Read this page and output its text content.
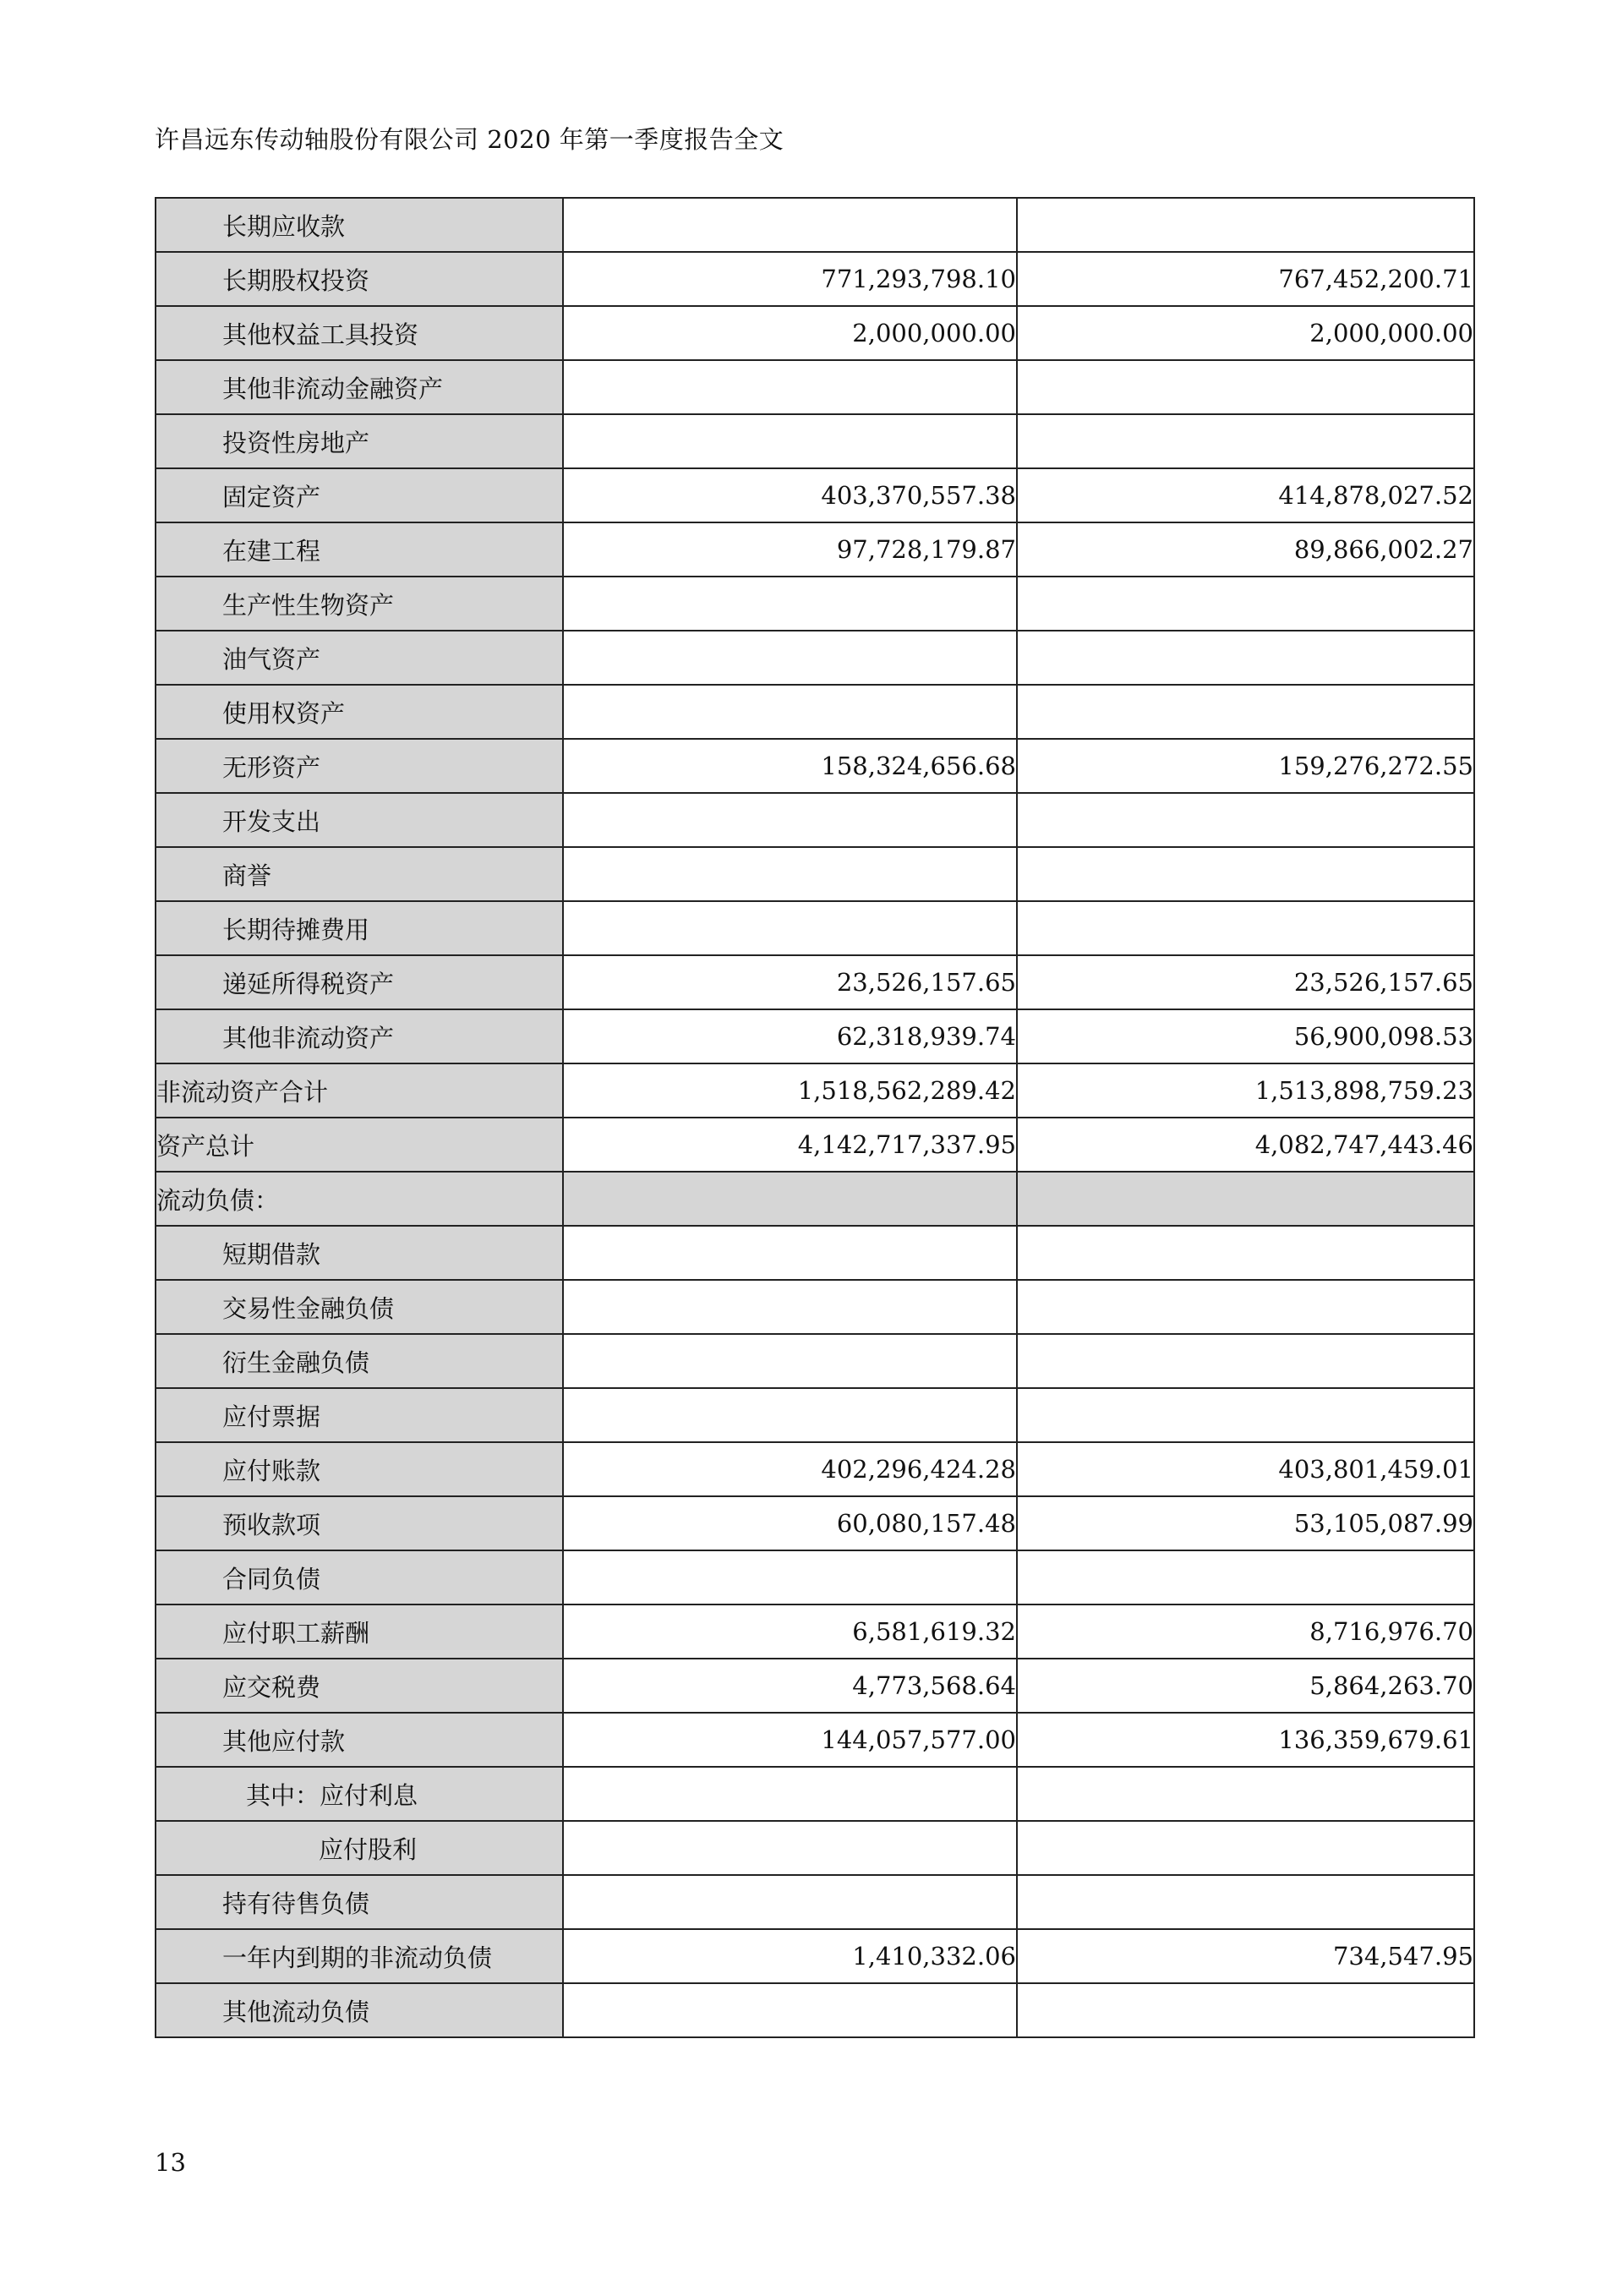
许昌远东传动轴股份有限公司 2020 年第一季度报告全文
长期应收款		
长期股权投资	771,293,798.10	767,452,200.71
其他权益工具投资	2,000,000.00	2,000,000.00
其他非流动金融资产		
投资性房地产		
固定资产	403,370,557.38	414,878,027.52
在建工程	97,728,179.87	89,866,002.27
生产性生物资产		
油气资产		
使用权资产		
无形资产	158,324,656.68	159,276,272.55
开发支出		
商誉		
长期待摊费用		
递延所得税资产	23,526,157.65	23,526,157.65
其他非流动资产	62,318,939.74	56,900,098.53
非流动资产合计	1,518,562,289.42	1,513,898,759.23
资产总计	4,142,717,337.95	4,082,747,443.46
流动负债：		
短期借款		
交易性金融负债		
衍生金融负债		
应付票据		
应付账款	402,296,424.28	403,801,459.01
预收款项	60,080,157.48	53,105,087.99
合同负债		
应付职工薪酬	6,581,619.32	8,716,976.70
应交税费	4,773,568.64	5,864,263.70
其他应付款	144,057,577.00	136,359,679.61
其中：应付利息		
应付股利		
持有待售负债		
一年内到期的非流动负债	1,410,332.06	734,547.95
其他流动负债		
13
